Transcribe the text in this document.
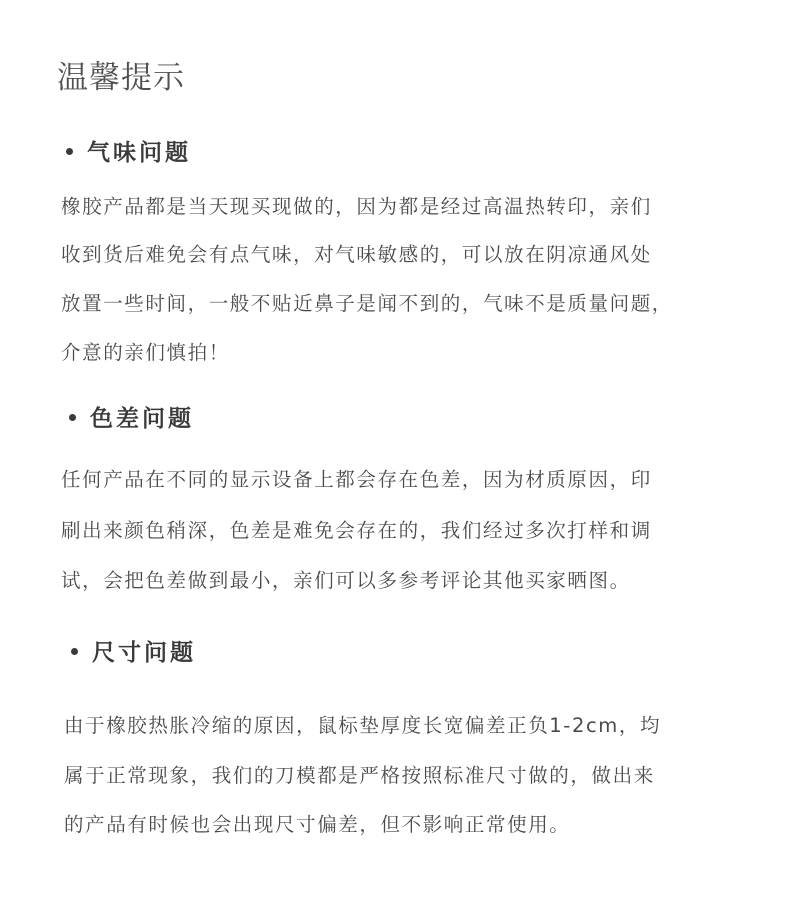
温馨提示
气味问题
橡胶产品都是当天现买现做的，因为都是经过高温热转印，亲们
收到货后难免会有点气味，对气味敏感的，可以放在阴凉通风处
放置一些时间，一般不贴近鼻子是闻不到的，气味不是质量问题，
介意的亲们慎拍！
色差问题
任何产品在不同的显示设备上都会存在色差，因为材质原因，印
刷出来颜色稍深，色差是难免会存在的，我们经过多次打样和调
试，会把色差做到最小，亲们可以多参考评论其他买家晒图。
尺寸问题
由于橡胶热胀冷缩的原因，鼠标垫厚度长宽偏差正负1-2cm，均
属于正常现象，我们的刀模都是严格按照标准尺寸做的，做出来
的产品有时候也会出现尺寸偏差，但不影响正常使用。
